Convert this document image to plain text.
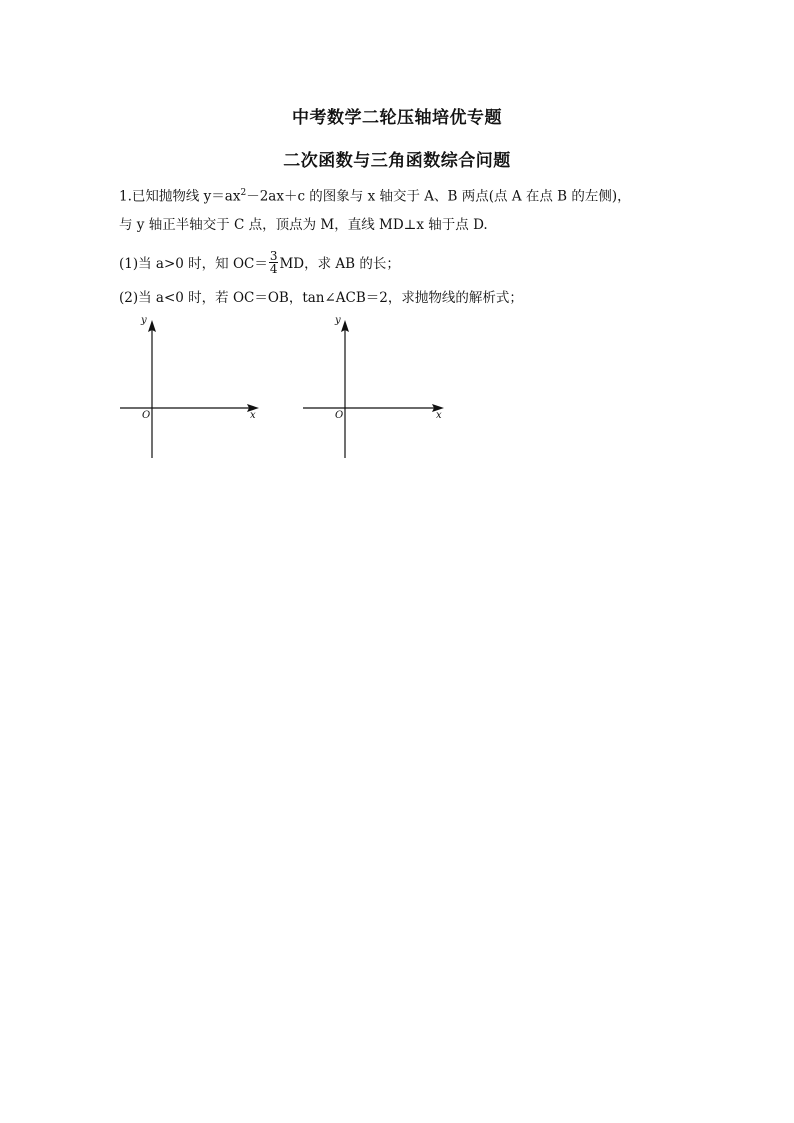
中考数学二轮压轴培优专题
二次函数与三角函数综合问题
1.已知抛物线 $y=ax^2-2ax+c$ 的图象与 x 轴交于 A、B 两点(点 A 在点 B 的左侧)，
与 y 轴正半轴交于 C 点，顶点为 M，直线 MD⊥x 轴于点 D.
(1)当 a>0 时，知 $OC= \frac{3}{4}$ MD，求 AB 的长；
(2)当 a<0 时，若 OC＝OB，tan∠ACB＝2，求抛物线的解析式；
y
x
O
y
x
O
